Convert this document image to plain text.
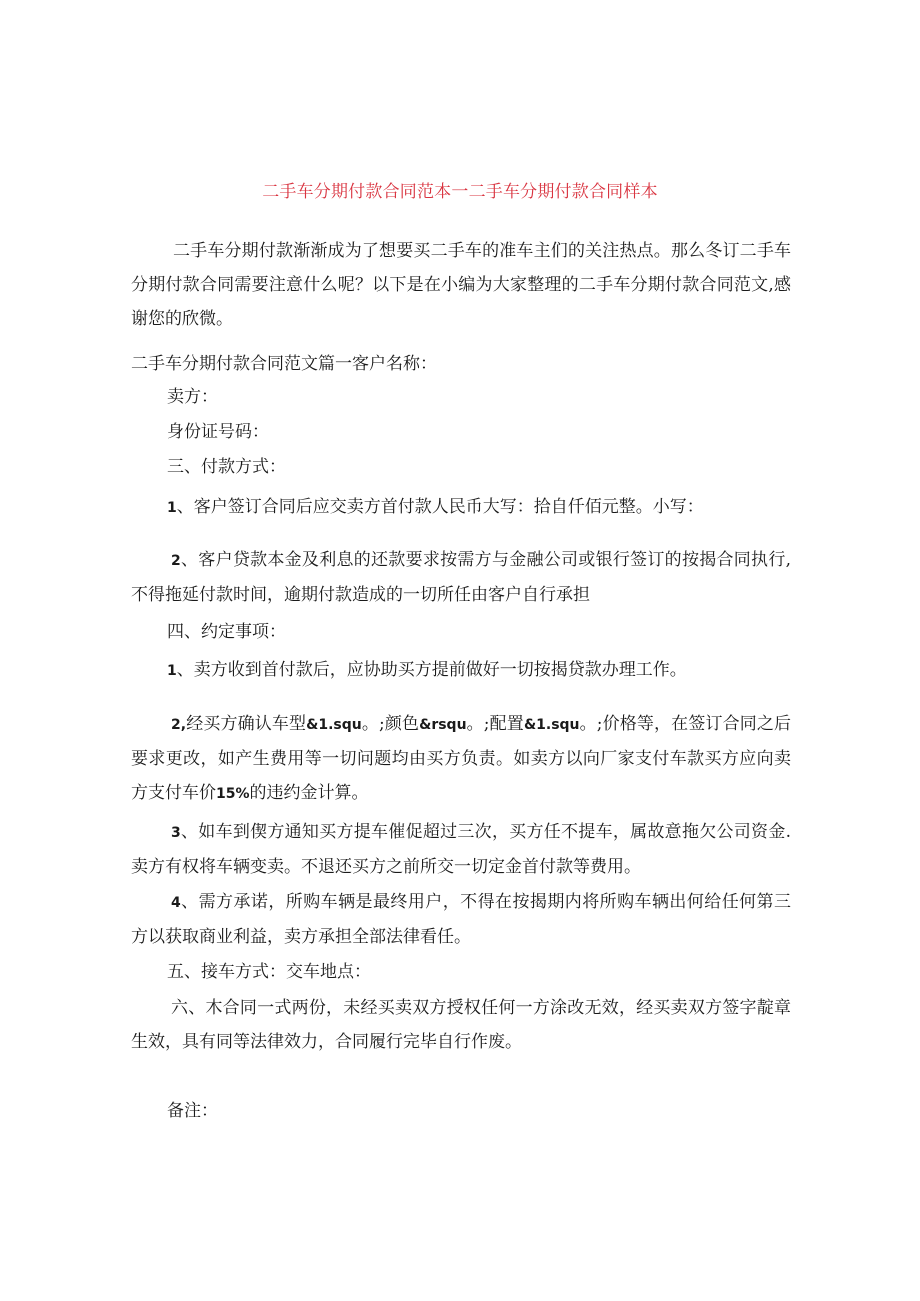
二手车分期付款合同范本一二手车分期付款合同样本
二手车分期付款渐渐成为了想要买二手车的准车主们的关注热点。那么冬订二手车分期付款合同需要注意什么呢？以下是在小编为大家整理的二手车分期付款合同范文,感谢您的欣微。
二手车分期付款合同范文篇一客户名称：
卖方：
身份证号码：
三、付款方式：
1、客户签订合同后应交卖方首付款人民币大写：拾自仟佰元整。小写：
2、客户贷款本金及利息的还款要求按需方与金融公司或银行签订的按揭合同执行,不得拖延付款时间，逾期付款造成的一切所任由客户自行承担
四、约定事项：
1、卖方收到首付款后，应协助买方提前做好一切按揭贷款办理工作。
2,经买方确认车型&1.squ。;颜色&rsqu。;配置&1.squ。;价格等，在签订合同之后要求更改，如产生费用等一切问题均由买方负责。如卖方以向厂家支付车款买方应向卖方支付车价15%的违约金计算。
3、如车到偰方通知买方提车催促超过三次，买方任不提车，属故意拖欠公司资金.卖方有权将车辆变卖。不退还买方之前所交一切定金首付款等费用。
4、需方承诺，所购车辆是最终用户，不得在按揭期内将所购车辆出何给任何第三方以获取商业利益，卖方承担全部法律看任。
五、接车方式：交车地点：
六、木合同一式两份，未经买卖双方授权任何一方涂改无效，经买卖双方签字靛章生效，具有同等法律效力，合同履行完毕自行作废。
备注：
